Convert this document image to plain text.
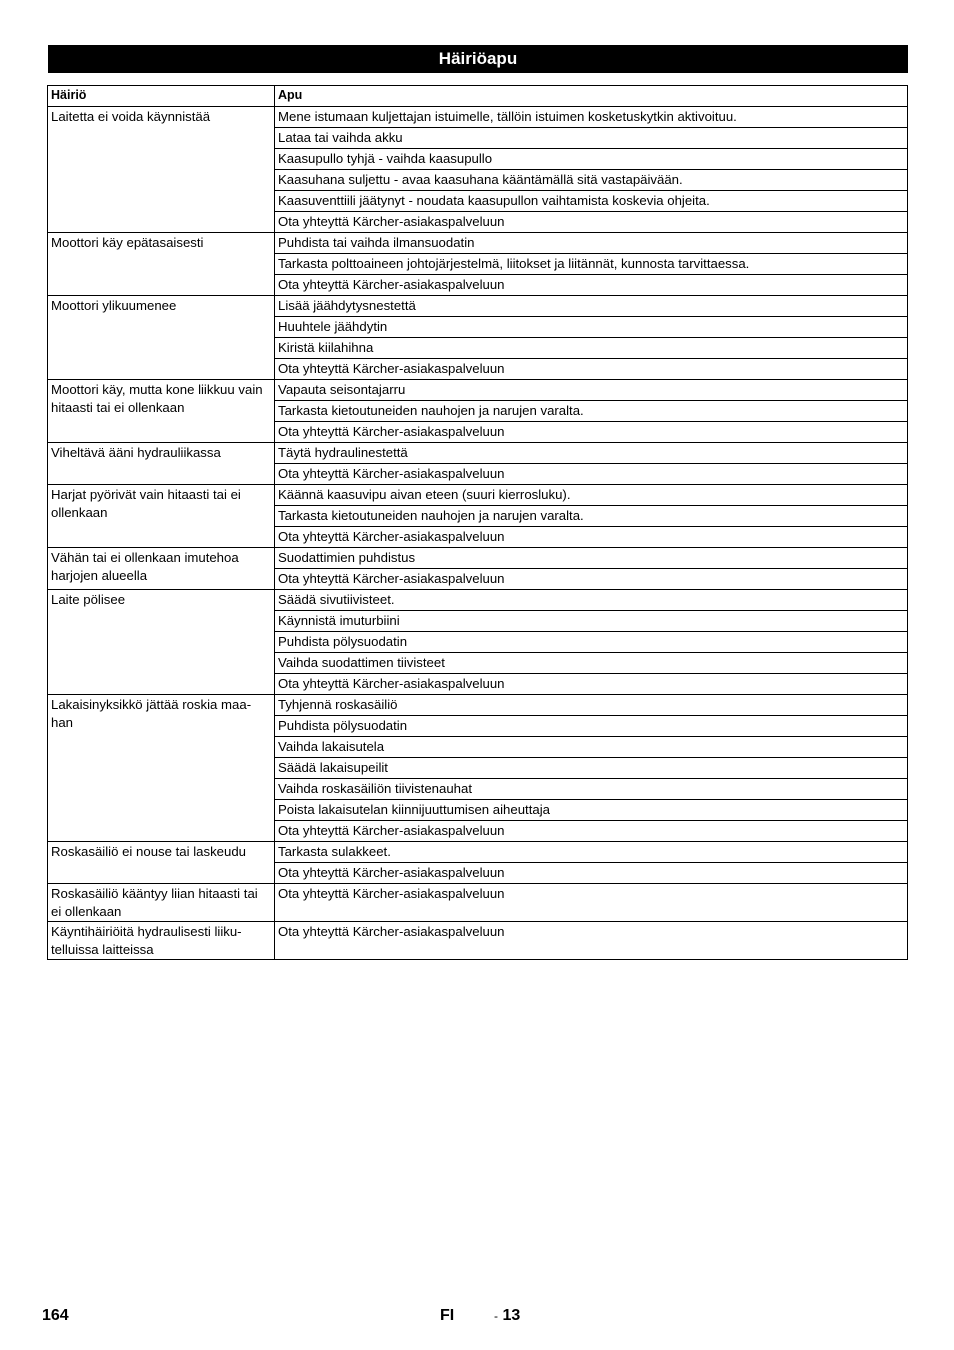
Häiriöapu
Häiriö	Apu
Laitetta ei voida käynnistää	Mene istumaan kuljettajan istuimelle, tällöin istuimen kosketuskytkin aktivoituu.
	Lataa tai vaihda akku
	Kaasupullo tyhjä - vaihda kaasupullo
	Kaasuhana suljettu - avaa kaasuhana kääntämällä sitä vastapäivään.
	Kaasuventtiili jäätynyt - noudata kaasupullon vaihtamista koskevia ohjeita.
	Ota yhteyttä Kärcher-asiakaspalveluun
Moottori käy epätasaisesti	Puhdista tai vaihda ilmansuodatin
	Tarkasta polttoaineen johtojärjestelmä, liitokset ja liitännät, kunnosta tarvittaessa.
	Ota yhteyttä Kärcher-asiakaspalveluun
Moottori ylikuumenee	Lisää jäähdytysnestettä
	Huuhtele jäähdytin
	Kiristä kiilahihna
	Ota yhteyttä Kärcher-asiakaspalveluun
Moottori käy, mutta kone liikkuu vain hitaasti tai ei ollenkaan	Vapauta seisontajarru
	Tarkasta kietoutuneiden nauhojen ja narujen varalta.
	Ota yhteyttä Kärcher-asiakaspalveluun
Viheltävä ääni hydrauliikassa	Täytä hydraulinestettä
	Ota yhteyttä Kärcher-asiakaspalveluun
Harjat pyörivät vain hitaasti tai ei ollenkaan	Käännä kaasuvipu aivan eteen (suuri kierrosluku).
	Tarkasta kietoutuneiden nauhojen ja narujen varalta.
	Ota yhteyttä Kärcher-asiakaspalveluun
Vähän tai ei ollenkaan imutehoa harjojen alueella	Suodattimien puhdistus
	Ota yhteyttä Kärcher-asiakaspalveluun
Laite pölisee	Säädä sivutiivisteet.
	Käynnistä imuturbiini
	Puhdista pölysuodatin
	Vaihda suodattimen tiivisteet
	Ota yhteyttä Kärcher-asiakaspalveluun
Lakaisinyksikkö jättää roskia maa-han	Tyhjennä roskasäiliö
	Puhdista pölysuodatin
	Vaihda lakaisutela
	Säädä lakaisupeilit
	Vaihda roskasäiliön tiivistenauhat
	Poista lakaisutelan kiinnijuuttumisen aiheuttaja
	Ota yhteyttä Kärcher-asiakaspalveluun
Roskasäiliö ei nouse tai laskeudu	Tarkasta sulakkeet.
	Ota yhteyttä Kärcher-asiakaspalveluun
Roskasäiliö kääntyy liian hitaasti tai ei ollenkaan	Ota yhteyttä Kärcher-asiakaspalveluun
Käyntihäiriöitä hydraulisesti liiku-telluissa laitteissa	Ota yhteyttä Kärcher-asiakaspalveluun
164	FI	- 13
